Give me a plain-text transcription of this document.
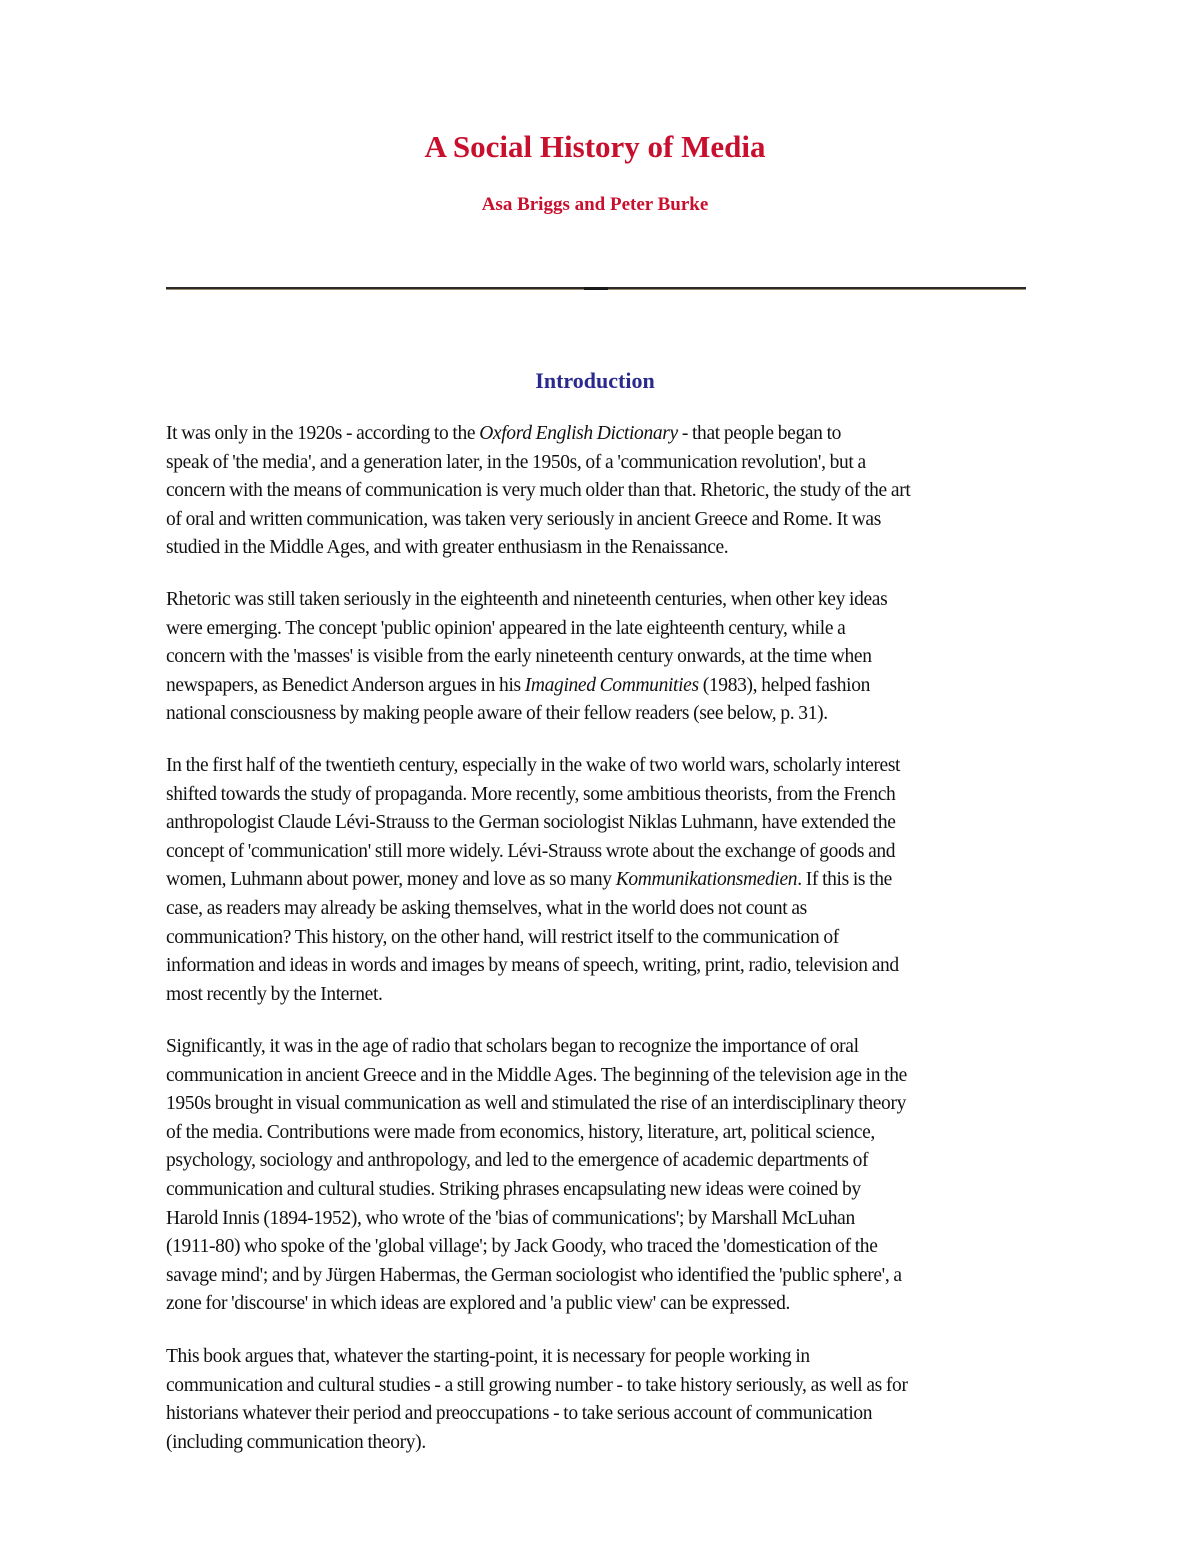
A Social History of Media
Asa Briggs and Peter Burke
Introduction

It was only in the 1920s - according to the Oxford English Dictionary - that people began to
speak of 'the media', and a generation later, in the 1950s, of a 'communication revolution', but a
concern with the means of communication is very much older than that. Rhetoric, the study of the art
of oral and written communication, was taken very seriously in ancient Greece and Rome. It was
studied in the Middle Ages, and with greater enthusiasm in the Renaissance.

Rhetoric was still taken seriously in the eighteenth and nineteenth centuries, when other key ideas
were emerging. The concept 'public opinion' appeared in the late eighteenth century, while a
concern with the 'masses' is visible from the early nineteenth century onwards, at the time when
newspapers, as Benedict Anderson argues in his Imagined Communities (1983), helped fashion
national consciousness by making people aware of their fellow readers (see below, p. 31).

In the first half of the twentieth century, especially in the wake of two world wars, scholarly interest
shifted towards the study of propaganda. More recently, some ambitious theorists, from the French
anthropologist Claude Lévi-Strauss to the German sociologist Niklas Luhmann, have extended the
concept of 'communication' still more widely. Lévi-Strauss wrote about the exchange of goods and
women, Luhmann about power, money and love as so many Kommunikationsmedien. If this is the
case, as readers may already be asking themselves, what in the world does not count as
communication? This history, on the other hand, will restrict itself to the communication of
information and ideas in words and images by means of speech, writing, print, radio, television and
most recently by the Internet.

Significantly, it was in the age of radio that scholars began to recognize the importance of oral
communication in ancient Greece and in the Middle Ages. The beginning of the television age in the
1950s brought in visual communication as well and stimulated the rise of an interdisciplinary theory
of the media. Contributions were made from economics, history, literature, art, political science,
psychology, sociology and anthropology, and led to the emergence of academic departments of
communication and cultural studies. Striking phrases encapsulating new ideas were coined by
Harold Innis (1894-1952), who wrote of the 'bias of communications'; by Marshall McLuhan
(1911-80) who spoke of the 'global village'; by Jack Goody, who traced the 'domestication of the
savage mind'; and by Jürgen Habermas, the German sociologist who identified the 'public sphere', a
zone for 'discourse' in which ideas are explored and 'a public view' can be expressed.

This book argues that, whatever the starting-point, it is necessary for people working in
communication and cultural studies - a still growing number - to take history seriously, as well as for
historians whatever their period and preoccupations - to take serious account of communication
(including communication theory).
